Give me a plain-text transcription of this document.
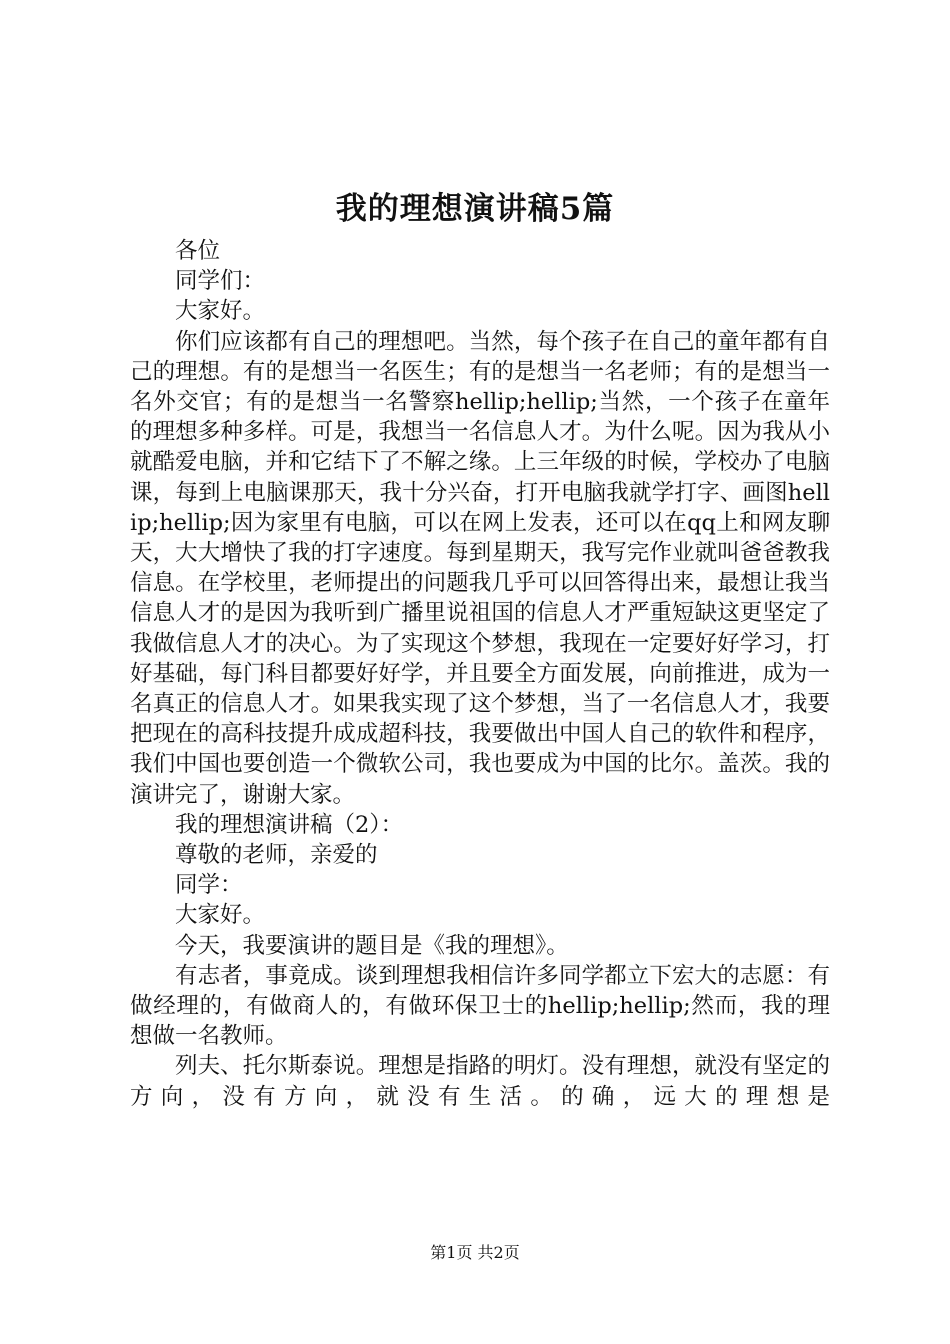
我的理想演讲稿5篇

各位

同学们：

大家好。

你们应该都有自己的理想吧。当然，每个孩子在自己的童年都有自己的理想。有的是想当一名医生；有的是想当一名老师；有的是想当一名外交官；有的是想当一名警察hellip;hellip;当然，一个孩子在童年的理想多种多样。可是，我想当一名信息人才。为什么呢。因为我从小就酷爱电脑，并和它结下了不解之缘。上三年级的时候，学校办了电脑课，每到上电脑课那天，我十分兴奋，打开电脑我就学打字、画图hellip;hellip;因为家里有电脑，可以在网上发表，还可以在qq上和网友聊天，大大增快了我的打字速度。每到星期天，我写完作业就叫爸爸教我信息。在学校里，老师提出的问题我几乎可以回答得出来，最想让我当信息人才的是因为我听到广播里说祖国的信息人才严重短缺这更坚定了我做信息人才的决心。为了实现这个梦想，我现在一定要好好学习，打好基础，每门科目都要好好学，并且要全方面发展，向前推进，成为一名真正的信息人才。如果我实现了这个梦想，当了一名信息人才，我要把现在的高科技提升成成超科技，我要做出中国人自己的软件和程序，我们中国也要创造一个微软公司，我也要成为中国的比尔。盖茨。我的演讲完了，谢谢大家。

我的理想演讲稿（2）：

尊敬的老师，亲爱的

同学：

大家好。

今天，我要演讲的题目是《我的理想》。

有志者，事竟成。谈到理想我相信许多同学都立下宏大的志愿：有做经理的，有做商人的，有做环保卫士的hellip;hellip;然而，我的理想做一名教师。

列夫、托尔斯泰说。理想是指路的明灯。没有理想，就没有坚定的方向，没有方向，就没有生活。的确，远大的理想是

第1页 共2页
